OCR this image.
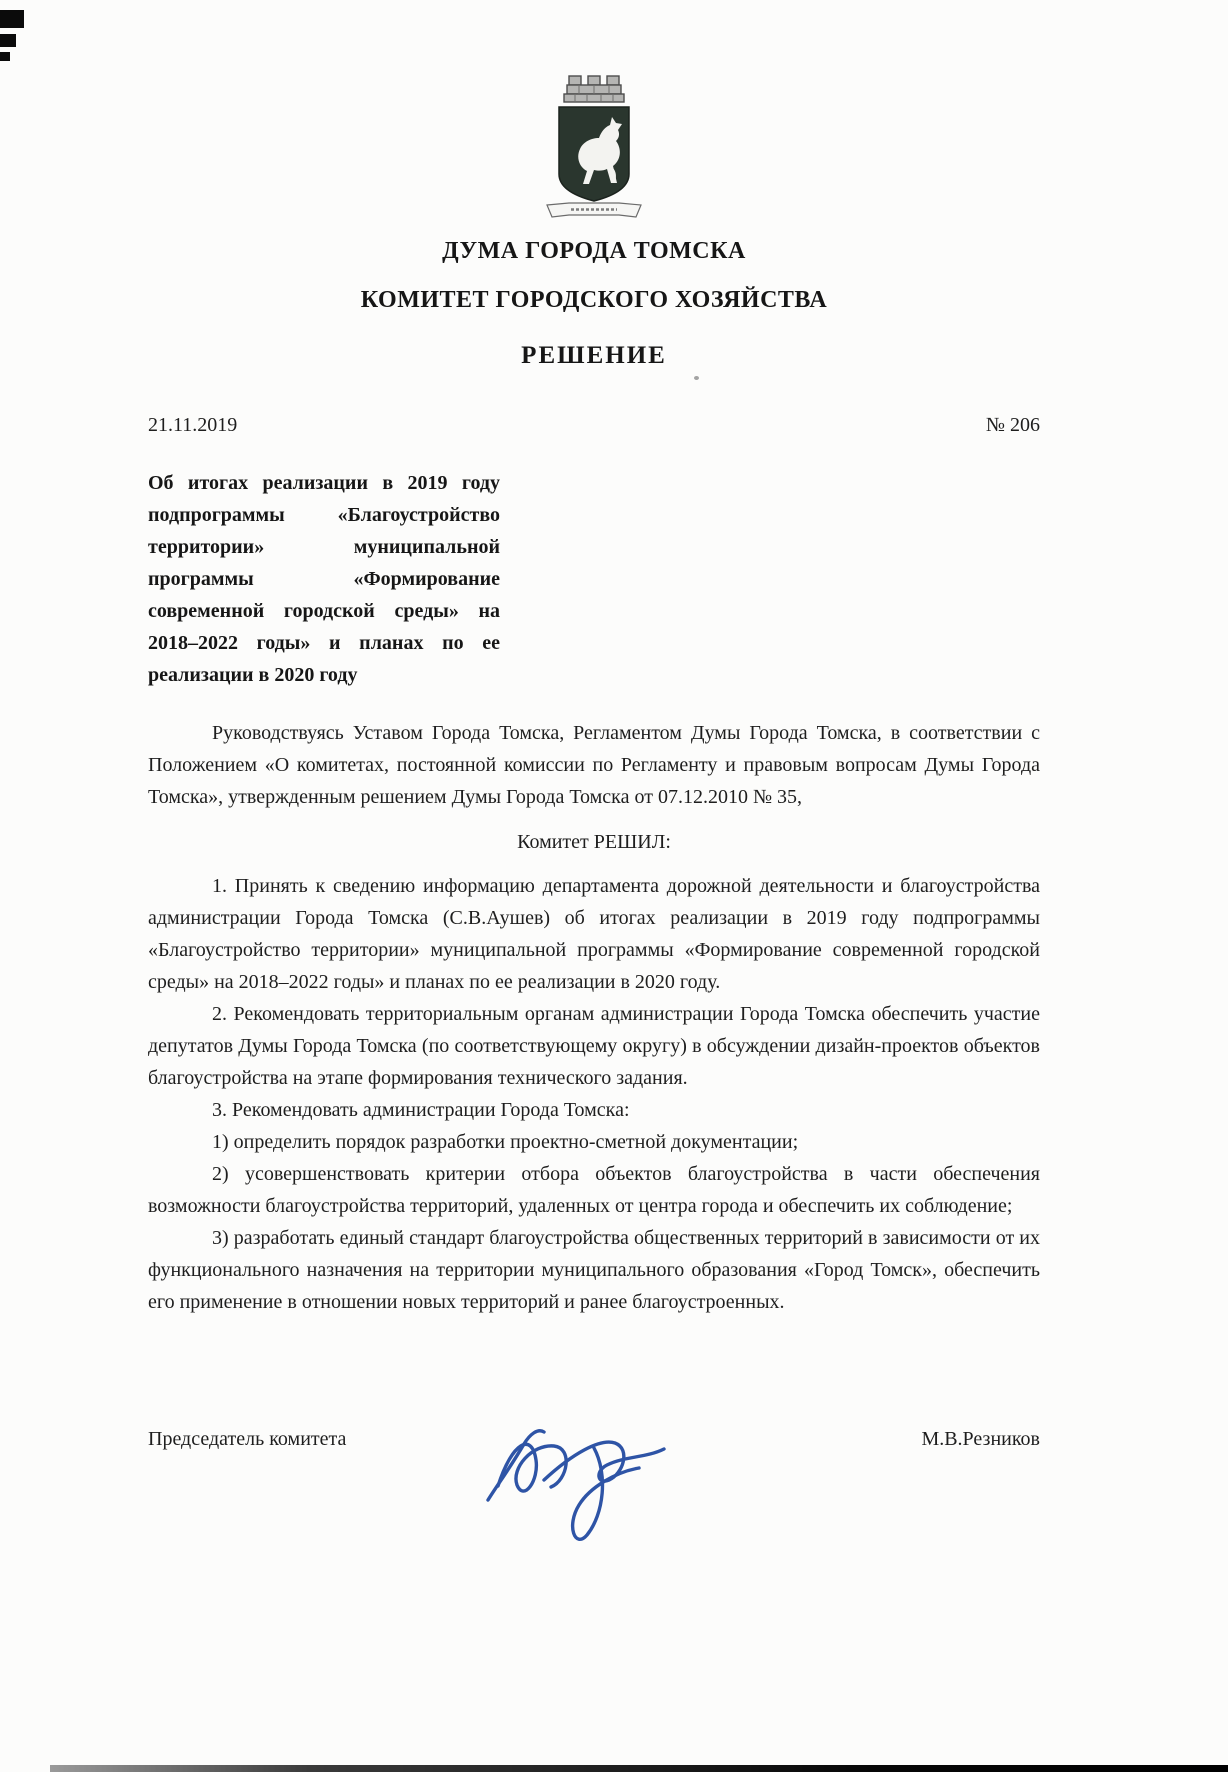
ДУМА ГОРОДА ТОМСКА
КОМИТЕТ ГОРОДСКОГО ХОЗЯЙСТВА
РЕШЕНИЕ
21.11.2019	№ 206
Об итогах реализации в 2019 году подпрограммы «Благоустройство территории» муниципальной программы «Формирование современной городской среды» на 2018–2022 годы» и планах по ее реализации в 2020 году

Руководствуясь Уставом Города Томска, Регламентом Думы Города Томска, в соответствии с Положением «О комитетах, постоянной комиссии по Регламенту и правовым вопросам Думы Города Томска», утвержденным решением Думы Города Томска от 07.12.2010 № 35,

Комитет РЕШИЛ:

1. Принять к сведению информацию департамента дорожной деятельности и благоустройства администрации Города Томска (С.В.Аушев) об итогах реализации в 2019 году подпрограммы «Благоустройство территории» муниципальной программы «Формирование современной городской среды» на 2018–2022 годы» и планах по ее реализации в 2020 году.

2. Рекомендовать территориальным органам администрации Города Томска обеспечить участие депутатов Думы Города Томска (по соответствующему округу) в обсуждении дизайн-проектов объектов благоустройства на этапе формирования технического задания.

3. Рекомендовать администрации Города Томска:

1) определить порядок разработки проектно-сметной документации;

2) усовершенствовать критерии отбора объектов благоустройства в части обеспечения возможности благоустройства территорий, удаленных от центра города и обеспечить их соблюдение;

3) разработать единый стандарт благоустройства общественных территорий в зависимости от их функционального назначения на территории муниципального образования «Город Томск», обеспечить его применение в отношении новых территорий и ранее благоустроенных.

Председатель комитета	М.В.Резников
